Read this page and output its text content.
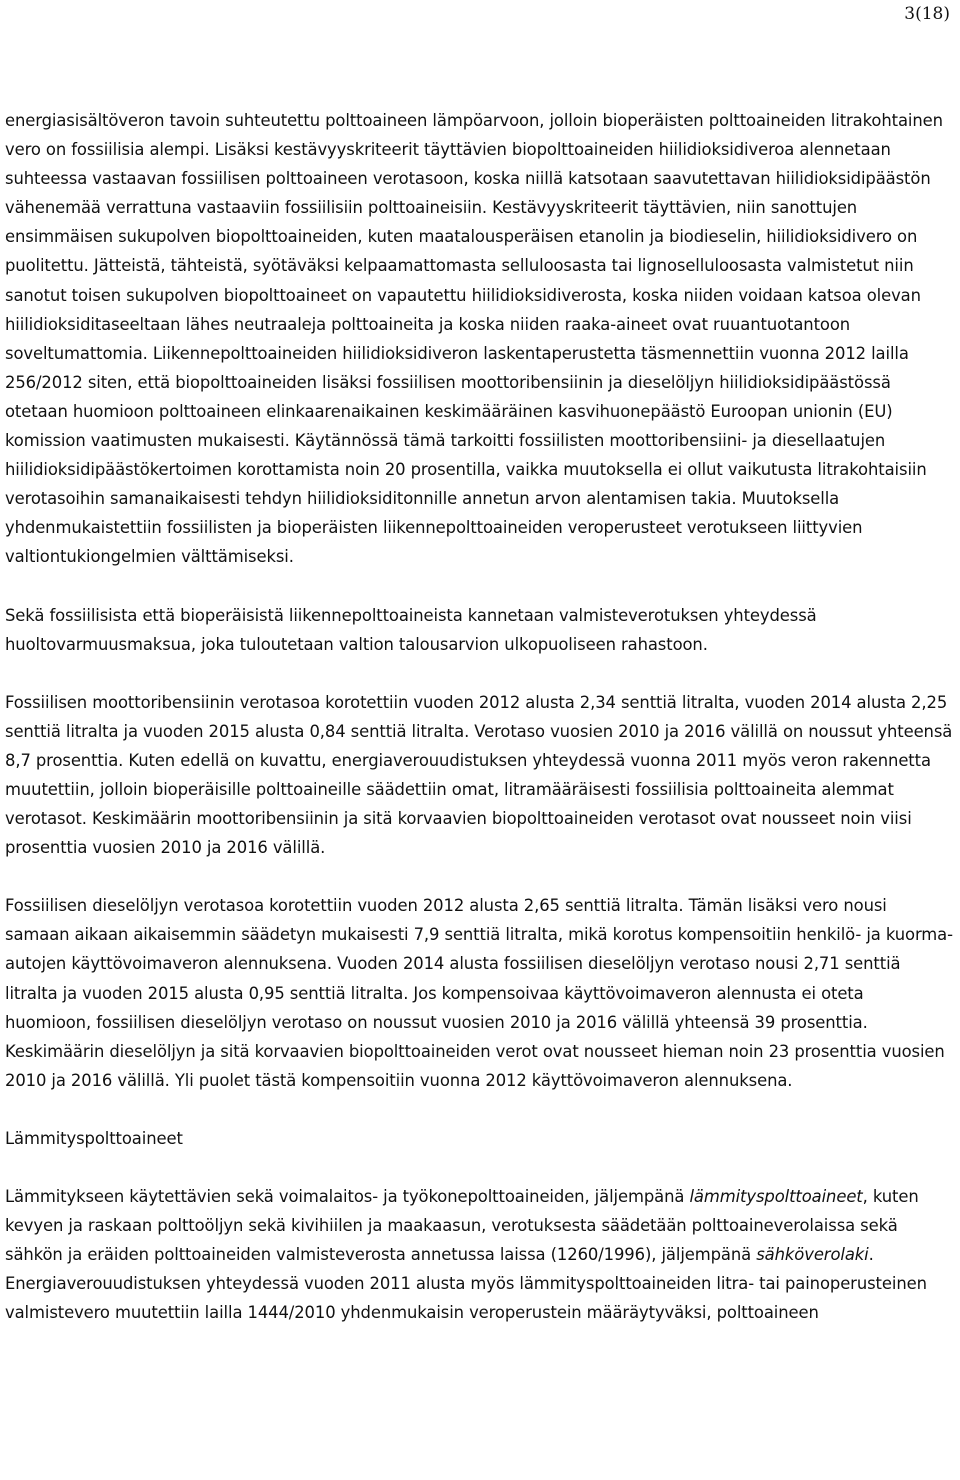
3(18)

energiasisältöveron tavoin suhteutettu polttoaineen lämpöarvoon, jolloin bioperäisten polttoaineiden litrakohtainen vero on fossiilisia alempi. Lisäksi kestävyyskriteerit täyttävien biopolttoaineiden hiilidioksidiveroa alennetaan suhteessa vastaavan fossiilisen polttoaineen verotasoon, koska niillä katsotaan saavutettavan hiilidioksidipäästön vähenemää verrattuna vastaaviin fossiilisiin polttoaineisiin. Kestävyyskriteerit täyttävien, niin sanottujen ensimmäisen sukupolven biopolttoaineiden, kuten maatalousperäisen etanolin ja biodieselin, hiilidioksidivero on puolitettu. Jätteistä, tähteistä, syötäväksi kelpaamattomasta selluloosasta tai lignoselluloosasta valmistetut niin sanotut toisen sukupolven biopolttoaineet on vapautettu hiilidioksidiverosta, koska niiden voidaan katsoa olevan hiilidioksiditaseeltaan lähes neutraaleja polttoaineita ja koska niiden raaka-aineet ovat ruuantuotantoon soveltumattomia. Liikennepolttoaineiden hiilidioksidiveron laskentaperustetta täsmennettiin vuonna 2012 lailla 256/2012 siten, että biopolttoaineiden lisäksi fossiilisen moottoribensiinin ja dieselöljyn hiilidioksidipäästössä otetaan huomioon polttoaineen elinkaarenaikainen keskimääräinen kasvihuonepäästö Euroopan unionin (EU) komission vaatimusten mukaisesti. Käytännössä tämä tarkoitti fossiilisten moottoribensiini- ja diesellaatujen hiilidioksidipäästökertoimen korottamista noin 20 prosentilla, vaikka muutoksella ei ollut vaikutusta litrakohtaisiin verotasoihin samanaikaisesti tehdyn hiilidioksiditonnille annetun arvon alentamisen takia. Muutoksella yhdenmukaistettiin fossiilisten ja bioperäisten liikennepolttoaineiden veroperusteet verotukseen liittyvien valtiontukiongelmien välttämiseksi.

Sekä fossiilisista että bioperäisistä liikennepolttoaineista kannetaan valmisteverotuksen yhteydessä huoltovarmuusmaksua, joka tuloutetaan valtion talousarvion ulkopuoliseen rahastoon.

Fossiilisen moottoribensiinin verotasoa korotettiin vuoden 2012 alusta 2,34 senttiä litralta, vuoden 2014 alusta 2,25 senttiä litralta ja vuoden 2015 alusta 0,84 senttiä litralta. Verotaso vuosien 2010 ja 2016 välillä on noussut yhteensä 8,7 prosenttia. Kuten edellä on kuvattu, energiaverouudistuksen yhteydessä vuonna 2011 myös veron rakennetta muutettiin, jolloin bioperäisille polttoaineille säädettiin omat, litramääräisesti fossiilisia polttoaineita alemmat verotasot. Keskimäärin moottoribensiinin ja sitä korvaavien biopolttoaineiden verotasot ovat nousseet noin viisi prosenttia vuosien 2010 ja 2016 välillä.

Fossiilisen dieselöljyn verotasoa korotettiin vuoden 2012 alusta 2,65 senttiä litralta. Tämän lisäksi vero nousi samaan aikaan aikaisemmin säädetyn mukaisesti 7,9 senttiä litralta, mikä korotus kompensoitiin henkilö- ja kuorma-autojen käyttövoimaveron alennuksena. Vuoden 2014 alusta fossiilisen dieselöljyn verotaso nousi 2,71 senttiä litralta ja vuoden 2015 alusta 0,95 senttiä litralta. Jos kompensoivaa käyttövoimaveron alennusta ei oteta huomioon, fossiilisen dieselöljyn verotaso on noussut vuosien 2010 ja 2016 välillä yhteensä 39 prosenttia. Keskimäärin dieselöljyn ja sitä korvaavien biopolttoaineiden verot ovat nousseet hieman noin 23 prosenttia vuosien 2010 ja 2016 välillä. Yli puolet tästä kompensoitiin vuonna 2012 käyttövoimaveron alennuksena.

Lämmityspolttoaineet

Lämmitykseen käytettävien sekä voimalaitos- ja työkonepolttoaineiden, jäljempänä lämmityspolttoaineet, kuten kevyen ja raskaan polttoöljyn sekä kivihiilen ja maakaasun, verotuksesta säädetään polttoaineverolaissa sekä sähkön ja eräiden polttoaineiden valmisteverosta annetussa laissa (1260/1996), jäljempänä sähköverolaki. Energiaverouudistuksen yhteydessä vuoden 2011 alusta myös lämmityspolttoaineiden litra- tai painoperusteinen valmistevero muutettiin lailla 1444/2010 yhdenmukaisin veroperustein määräytyväksi, polttoaineen
